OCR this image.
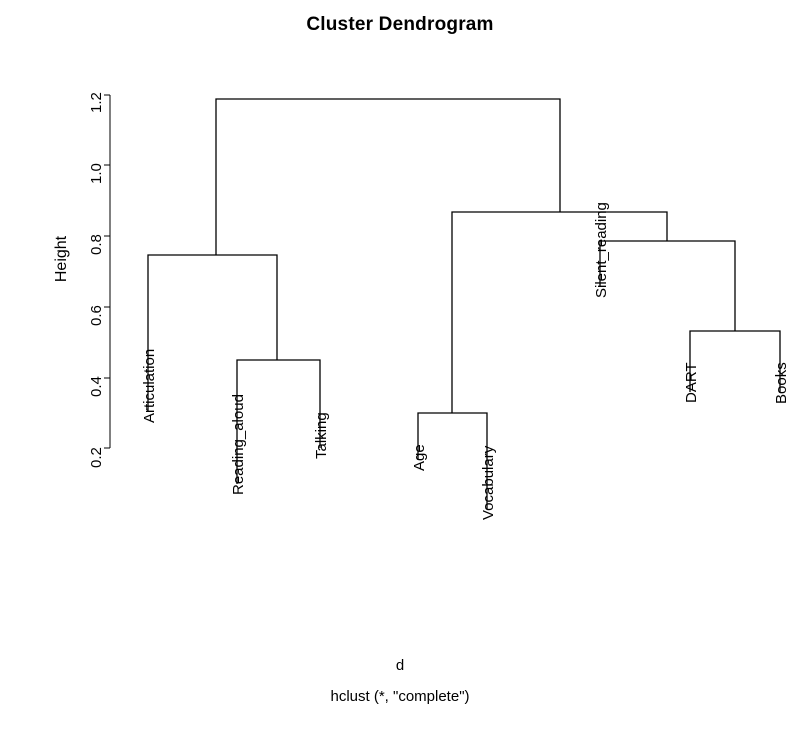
Cluster Dendrogram
Height
1.2
1.0
0.8
0.6
0.4
0.2
Articulation
Reading_aloud	Talking	Age	Vocabulary
Silent_reading
DART	Books
d
hclust (*, "complete")
